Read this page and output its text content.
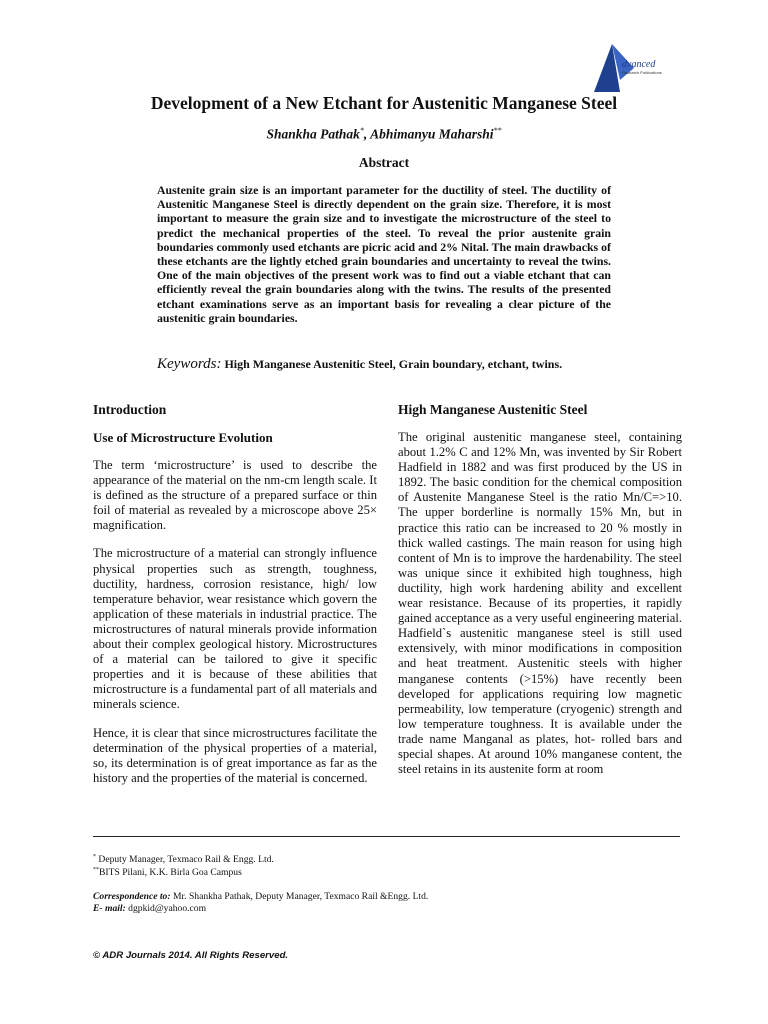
dvanced
Research Publications
Development of a New Etchant for Austenitic Manganese Steel
Shankha Pathak*, Abhimanyu Maharshi**
Abstract

Austenite grain size is an important parameter for the ductility of steel. The ductility of Austenitic Manganese Steel is directly dependent on the grain size. Therefore, it is most important to measure the grain size and to investigate the microstructure of the steel to predict the mechanical properties of the steel. To reveal the prior austenite grain boundaries commonly used etchants are picric acid and 2% Nital. The main drawbacks of these etchants are the lightly etched grain boundaries and uncertainty to reveal the twins. One of the main objectives of the present work was to find out a viable etchant that can efficiently reveal the grain boundaries along with the twins. The results of the presented etchant examinations serve as an important basis for revealing a clear picture of the austenitic grain boundaries.

Keywords: High Manganese Austenitic Steel, Grain boundary, etchant, twins.

Introduction
Use of Microstructure Evolution

The term ‘microstructure’ is used to describe the appearance of the material on the nm-cm length scale. It is defined as the structure of a prepared surface or thin foil of material as revealed by a microscope above 25× magnification.

The microstructure of a material can strongly influence physical properties such as strength, toughness, ductility, hardness, corrosion resistance, high/ low temperature behavior, wear resistance which govern the application of these materials in industrial practice. The microstructures of natural minerals provide information about their complex geological history. Microstructures of a material can be tailored to give it specific properties and it is because of these abilities that microstructure is a fundamental part of all materials and minerals science.

Hence, it is clear that since microstructures facilitate the determination of the physical properties of a material, so, its determination is of great importance as far as the history and the properties of the material is concerned.

High Manganese Austenitic Steel

The original austenitic manganese steel, containing about 1.2% C and 12% Mn, was invented by Sir Robert Hadfield in 1882 and was first produced by the US in 1892. The basic condition for the chemical composition of Austenite Manganese Steel is the ratio Mn/C=>10. The upper borderline is normally 15% Mn, but in practice this ratio can be increased to 20 % mostly in thick walled castings. The main reason for using high content of Mn is to improve the hardenability. The steel was unique since it exhibited high toughness, high ductility, high work hardening ability and excellent wear resistance. Because of its properties, it rapidly gained acceptance as a very useful engineering material. Hadfield`s austenitic manganese steel is still used extensively, with minor modifications in composition and heat treatment. Austenitic steels with higher manganese contents (>15%) have recently been developed for applications requiring low magnetic permeability, low temperature (cryogenic) strength and low temperature toughness. It is available under the trade name Manganal as plates, hot- rolled bars and special shapes. At around 10% manganese content, the steel retains in its austenite form at room

* Deputy Manager, Texmaco Rail & Engg. Ltd.
**BITS Pilani, K.K. Birla Goa Campus
Correspondence to: Mr. Shankha Pathak, Deputy Manager, Texmaco Rail &Engg. Ltd.
E- mail: dgpkid@yahoo.com
© ADR Journals 2014. All Rights Reserved.
